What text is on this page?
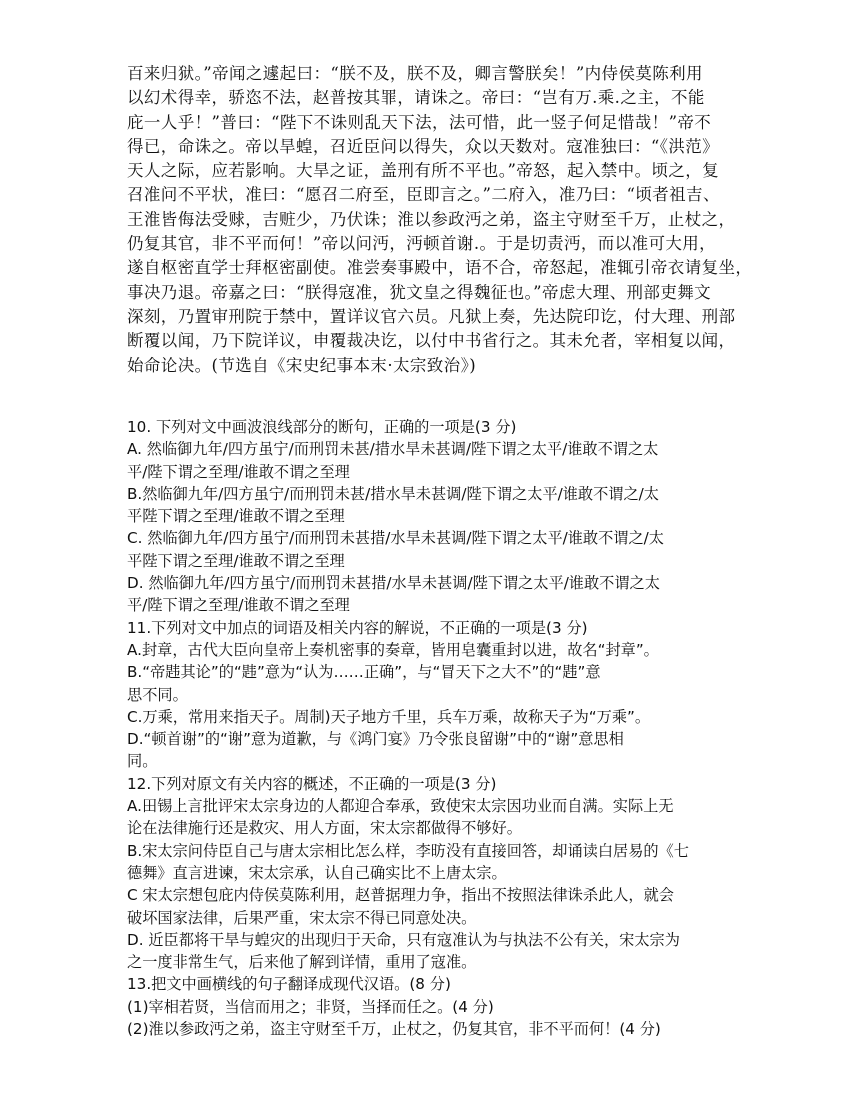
百来归狱。”帝闻之遽起曰：“朕不及，朕不及，卿言警朕矣！”内侍侯莫陈利用

以幻术得幸，骄恣不法，赵普按其罪，请诛之。帝曰：“岂有万.乘.之主，不能

庇一人乎！”普曰：“陛下不诛则乱天下法，法可惜，此一竖子何足惜哉！”帝不

得已，命诛之。帝以旱蝗，召近臣问以得失，众以天数对。寇准独曰：“《洪范》

天人之际，应若影响。大旱之证，盖刑有所不平也。”帝怒，起入禁中。顷之，复

召准问不平状，准曰：“愿召二府至，臣即言之。”二府入，准乃曰：“顷者祖吉、

王淮皆侮法受赇，吉赃少，乃伏诛；淮以参政沔之弟，盗主守财至千万，止杖之，

仍复其官，非不平而何！”帝以问沔，沔顿首谢.。于是切责沔，而以准可大用，

遂自枢密直学士拜枢密副使。准尝奏事殿中，语不合，帝怒起，准辄引帝衣请复坐，

事决乃退。帝嘉之曰：“朕得寇准，犹文皇之得魏征也。”帝虑大理、刑部吏舞文

深刻，乃置审刑院于禁中，置详议官六员。凡狱上奏，先达院印讫，付大理、刑部

断覆以闻，乃下院详议，申覆裁决讫，以付中书省行之。其未允者，宰相复以闻，

始命论决。(节选自《宋史纪事本末·太宗致治》)

10. 下列对文中画波浪线部分的断句，正确的一项是(3 分)

A. 然临御九年/四方虽宁/而刑罚未甚/措水旱未甚调/陛下谓之太平/谁敢不谓之太

平/陛下谓之至理/谁敢不谓之至理

B.然临御九年/四方虽宁/而刑罚未甚/措水旱未甚调/陛下谓之太平/谁敢不谓之/太

平陛下谓之至理/谁敢不谓之至理

C. 然临御九年/四方虽宁/而刑罚未甚措/水旱未甚调/陛下谓之太平/谁敢不谓之/太

平陛下谓之至理/谁敢不谓之至理

D. 然临御九年/四方虽宁/而刑罚未甚措/水旱未甚调/陛下谓之太平/谁敢不谓之太

平/陛下谓之至理/谁敢不谓之至理

11.下列对文中加点的词语及相关内容的解说，不正确的一项是(3 分)

A.封章，古代大臣向皇帝上奏机密事的奏章，皆用皂囊重封以进，故名“封章”。

B.“帝韪其论”的“韪”意为“认为……正确”，与“冒天下之大不”的“韪”意

思不同。

C.万乘，常用来指天子。周制)天子地方千里，兵车万乘，故称天子为“万乘”。

D.“顿首谢”的“谢”意为道歉，与《鸿门宴》乃令张良留谢”中的“谢”意思相

同。

12.下列对原文有关内容的概述，不正确的一项是(3 分)

A.田锡上言批评宋太宗身边的人都迎合奉承，致使宋太宗因功业而自满。实际上无

论在法律施行还是救灾、用人方面，宋太宗都做得不够好。

B.宋太宗问侍臣自己与唐太宗相比怎么样，李昉没有直接回答，却诵读白居易的《七

德舞》直言进谏，宋太宗承，认自己确实比不上唐太宗。

C 宋太宗想包庇内侍侯莫陈利用，赵普据理力争，指出不按照法律诛杀此人，就会

破坏国家法律，后果严重，宋太宗不得已同意处决。

D. 近臣都将干旱与蝗灾的出现归于天命，只有寇准认为与执法不公有关，宋太宗为

之一度非常生气，后来他了解到详情，重用了寇准。

13.把文中画横线的句子翻译成现代汉语。(8 分)

(1)宰相若贤，当信而用之；非贤，当择而任之。(4 分)

(2)淮以参政沔之弟，盗主守财至千万，止杖之，仍复其官，非不平而何！(4 分)
